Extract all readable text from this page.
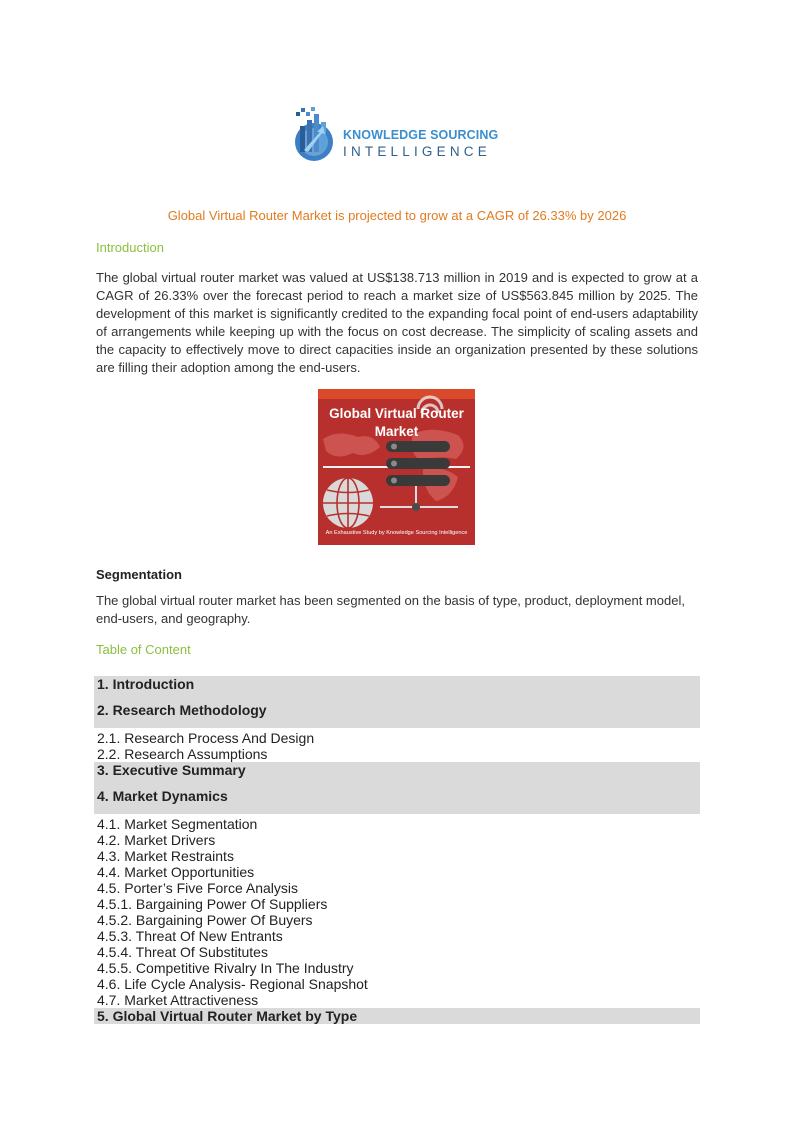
KNOWLEDGE SOURCING
INTELLIGENCE
Global Virtual Router Market is projected to grow at a CAGR of 26.33% by 2026
Introduction
The global virtual router market was valued at US$138.713 million in 2019 and is expected to grow at a CAGR of 26.33% over the forecast period to reach a market size of US$563.845 million by 2025. The development of this market is significantly credited to the expanding focal point of end-users adaptability of arrangements while keeping up with the focus on cost decrease. The simplicity of scaling assets and the capacity to effectively move to direct capacities inside an organization presented by these solutions are filling their adoption among the end-users.
Global Virtual Router
Market
An Exhaustive Study by Knowledge Sourcing Intelligence
Segmentation
The global virtual router market has been segmented on the basis of type, product, deployment model, end-users, and geography.
Table of Content
1. Introduction
2. Research Methodology
2.1. Research Process And Design
2.2. Research Assumptions
3. Executive Summary
4. Market Dynamics
4.1. Market Segmentation
4.2. Market Drivers
4.3. Market Restraints
4.4. Market Opportunities
4.5. Porter’s Five Force Analysis
4.5.1. Bargaining Power Of Suppliers
4.5.2. Bargaining Power Of Buyers
4.5.3. Threat Of New Entrants
4.5.4. Threat Of Substitutes
4.5.5. Competitive Rivalry In The Industry
4.6. Life Cycle Analysis- Regional Snapshot
4.7. Market Attractiveness
5. Global Virtual Router Market by Type
